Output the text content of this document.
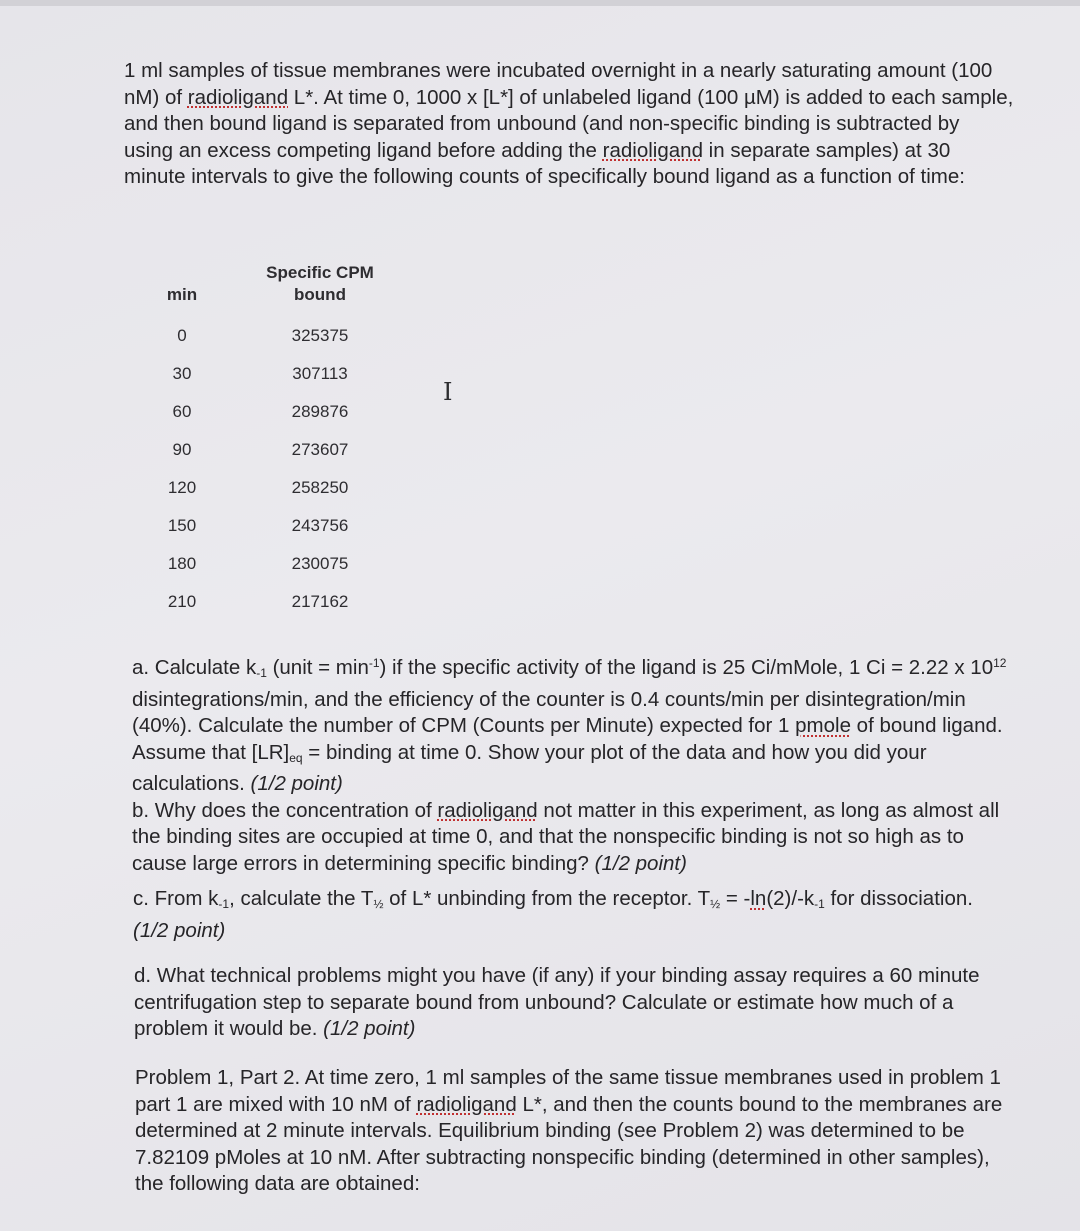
1 ml samples of tissue membranes were incubated overnight in a nearly saturating amount (100 nM) of radioligand L*. At time 0, 1000 x [L*] of unlabeled ligand (100 µM) is added to each sample, and then bound ligand is separated from unbound (and non-specific binding is subtracted by using an excess competing ligand before adding the radioligand in separate samples) at 30 minute intervals to give the following counts of specifically bound ligand as a function of time:

min
Specific CPM
bound
0	325375
30	307113
60	289876
90	273607
120	258250
150	243756
180	230075
210	217162
I

a. Calculate $k_{-1}$ (unit = $\min^{-1}$) if the specific activity of the ligand is 25 Ci/mMole, 1 Ci = 2.22 x $10^{12}$ disintegrations/min, and the efficiency of the counter is 0.4 counts/min per disintegration/min (40%). Calculate the number of CPM (Counts per Minute) expected for 1 pmole of bound ligand. Assume that $[LR]_{eq}$ = binding at time 0. Show your plot of the data and how you did your calculations. (1/2 point)
b. Why does the concentration of radioligand not matter in this experiment, as long as almost all the binding sites are occupied at time 0, and that the nonspecific binding is not so high as to cause large errors in determining specific binding? (1/2 point)

c. From $k_{-1}$, calculate the $T_{\frac{1}{2}}$ of L* unbinding from the receptor. $T_{\frac{1}{2}} = -\ln(2)/-k_{-1}$ for dissociation. (1/2 point)

d. What technical problems might you have (if any) if your binding assay requires a 60 minute centrifugation step to separate bound from unbound? Calculate or estimate how much of a problem it would be. (1/2 point)

Problem 1, Part 2. At time zero, 1 ml samples of the same tissue membranes used in problem 1 part 1 are mixed with 10 nM of radioligand L*, and then the counts bound to the membranes are determined at 2 minute intervals. Equilibrium binding (see Problem 2) was determined to be 7.82109 pMoles at 10 nM. After subtracting nonspecific binding (determined in other samples), the following data are obtained:
